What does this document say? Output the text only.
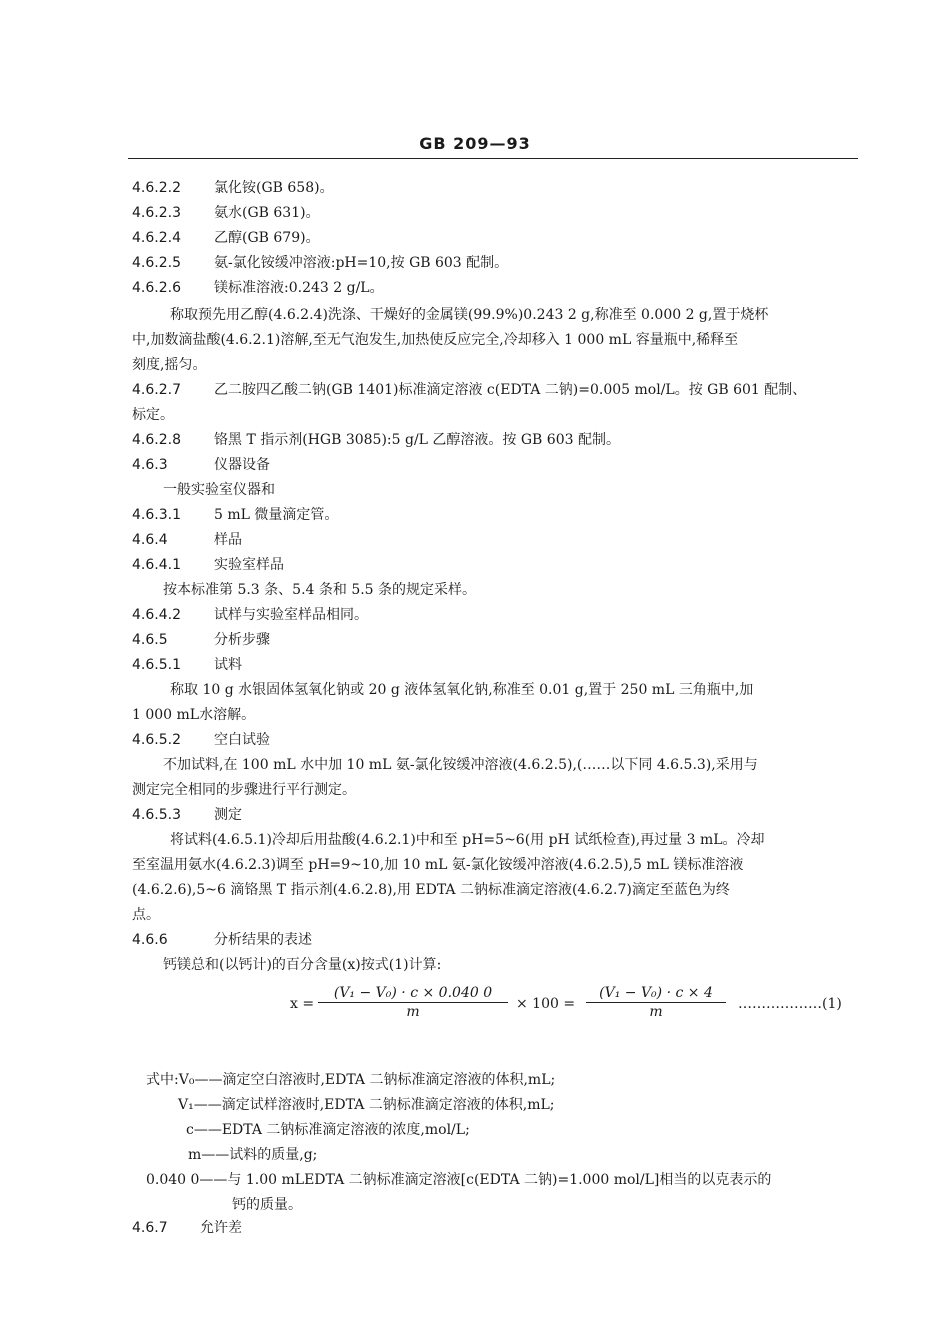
GB 209—93
4.6.2.2 氯化铵(GB 658)。
4.6.2.3 氨水(GB 631)。
4.6.2.4 乙醇(GB 679)。
4.6.2.5 氨-氯化铵缓冲溶液:pH=10,按 GB 603 配制。
4.6.2.6 镁标准溶液:0.243 2 g/L。
称取预先用乙醇(4.6.2.4)洗涤、干燥好的金属镁(99.9%)0.243 2 g,称准至 0.000 2 g,置于烧杯
中,加数滴盐酸(4.6.2.1)溶解,至无气泡发生,加热使反应完全,冷却移入 1 000 mL 容量瓶中,稀释至
刻度,摇匀。
4.6.2.7 乙二胺四乙酸二钠(GB 1401)标准滴定溶液 c(EDTA 二钠)=0.005 mol/L。按 GB 601 配制、
标定。
4.6.2.8 铬黑 T 指示剂(HGB 3085):5 g/L 乙醇溶液。按 GB 603 配制。
4.6.3	仪器设备
一般实验室仪器和
4.6.3.1 5 mL 微量滴定管。
4.6.4	样品
4.6.4.1 实验室样品
按本标准第 5.3 条、5.4 条和 5.5 条的规定采样。
4.6.4.2 试样与实验室样品相同。
4.6.5	分析步骤
4.6.5.1 试料
称取 10 g 水银固体氢氧化钠或 20 g 液体氢氧化钠,称准至 0.01 g,置于 250 mL 三角瓶中,加
1 000 mL水溶解。
4.6.5.2 空白试验
不加试料,在 100 mL 水中加 10 mL 氨-氯化铵缓冲溶液(4.6.2.5),(……以下同 4.6.5.3),采用与
测定完全相同的步骤进行平行测定。
4.6.5.3 测定
将试料(4.6.5.1)冷却后用盐酸(4.6.2.1)中和至 pH=5~6(用 pH 试纸检查),再过量 3 mL。冷却
至室温用氨水(4.6.2.3)调至 pH=9~10,加 10 mL 氨-氯化铵缓冲溶液(4.6.2.5),5 mL 镁标准溶液
(4.6.2.6),5~6 滴铬黑 T 指示剂(4.6.2.8),用 EDTA 二钠标准滴定溶液(4.6.2.7)滴定至蓝色为终
点。
4.6.6	分析结果的表述
钙镁总和(以钙计)的百分含量(x)按式(1)计算:
$x = \frac{\text{(V₁ − V₀) · c × 0.040 0}}{m} \times 100 = \frac{\text{(V₁ − V₀) · c × 4}}{m}$ ………………(1)
式中:V₀——滴定空白溶液时,EDTA 二钠标准滴定溶液的体积,mL;
V₁——滴定试样溶液时,EDTA 二钠标准滴定溶液的体积,mL;
c——EDTA 二钠标准滴定溶液的浓度,mol/L;
m——试料的质量,g;
0.040 0——与 1.00 mLEDTA 二钠标准滴定溶液[c(EDTA 二钠)=1.000 mol/L]相当的以克表示的
钙的质量。
4.6.7 允许差
